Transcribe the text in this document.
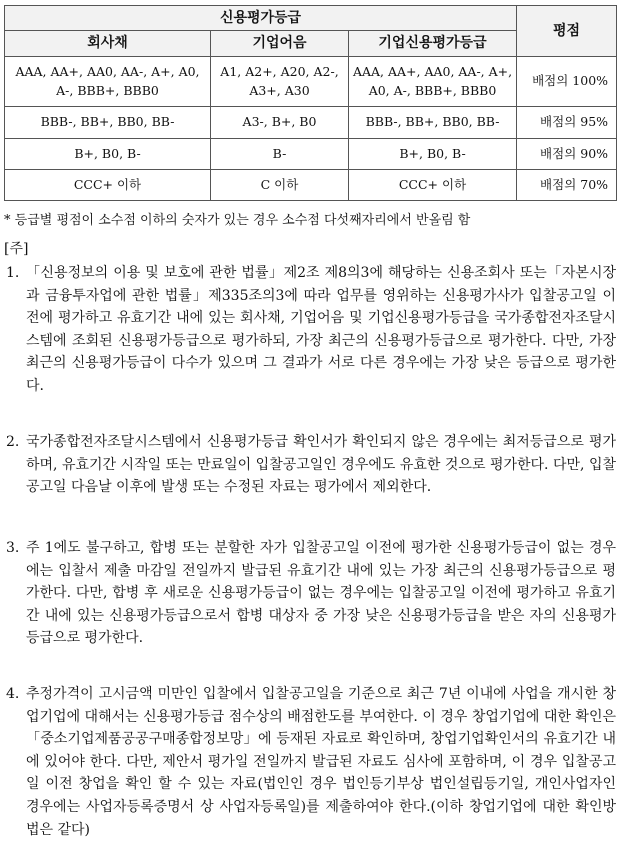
신용평가등급			평점
회사채	기업어음	기업신용평가등급	
AAA, AA+, AA0, AA-, A+, A0, A-, BBB+, BBB0	A1, A2+, A20, A2-, A3+, A30	AAA, AA+, AA0, AA-, A+, A0, A-, BBB+, BBB0	배점의 100%
BBB-, BB+, BB0, BB-	A3-, B+, B0	BBB-, BB+, BB0, BB-	배점의 95%
B+, B0, B-	B-	B+, B0, B-	배점의 90%
CCC+ 이하	C 이하	CCC+ 이하	배점의 70%
* 등급별 평점이 소수점 이하의 숫자가 있는 경우 소수점 다섯째자리에서 반올림 함
[주]
1. 「신용정보의 이용 및 보호에 관한 법률」제2조 제8의3에 해당하는 신용조회사 또는「자본시장과 금융투자업에 관한 법률」제335조의3에 따라 업무를 영위하는 신용평가사가 입찰공고일 이전에 평가하고 유효기간 내에 있는 회사채, 기업어음 및 기업신용평가등급을 국가종합전자조달시스템에 조회된 신용평가등급으로 평가하되, 가장 최근의 신용평가등급으로 평가한다. 다만, 가장 최근의 신용평가등급이 다수가 있으며 그 결과가 서로 다른 경우에는 가장 낮은 등급으로 평가한다.
2. 국가종합전자조달시스템에서 신용평가등급 확인서가 확인되지 않은 경우에는 최저등급으로 평가하며, 유효기간 시작일 또는 만료일이 입찰공고일인 경우에도 유효한 것으로 평가한다. 다만, 입찰공고일 다음날 이후에 발생 또는 수정된 자료는 평가에서 제외한다.
3. 주 1에도 불구하고, 합병 또는 분할한 자가 입찰공고일 이전에 평가한 신용평가등급이 없는 경우에는 입찰서 제출 마감일 전일까지 발급된 유효기간 내에 있는 가장 최근의 신용평가등급으로 평가한다. 다만, 합병 후 새로운 신용평가등급이 없는 경우에는 입찰공고일 이전에 평가하고 유효기간 내에 있는 신용평가등급으로서 합병 대상자 중 가장 낮은 신용평가등급을 받은 자의 신용평가등급으로 평가한다.
4. 추정가격이 고시금액 미만인 입찰에서 입찰공고일을 기준으로 최근 7년 이내에 사업을 개시한 창업기업에 대해서는 신용평가등급 점수상의 배점한도를 부여한다. 이 경우 창업기업에 대한 확인은 「중소기업제품공공구매종합정보망」에 등재된 자료로 확인하며, 창업기업확인서의 유효기간 내에 있어야 한다. 다만, 제안서 평가일 전일까지 발급된 자료도 심사에 포함하며, 이 경우 입찰공고일 이전 창업을 확인 할 수 있는 자료(법인인 경우 법인등기부상 법인설립등기일, 개인사업자인 경우에는 사업자등록증명서 상 사업자등록일)를 제출하여야 한다.(이하 창업기업에 대한 확인방법은 같다)
